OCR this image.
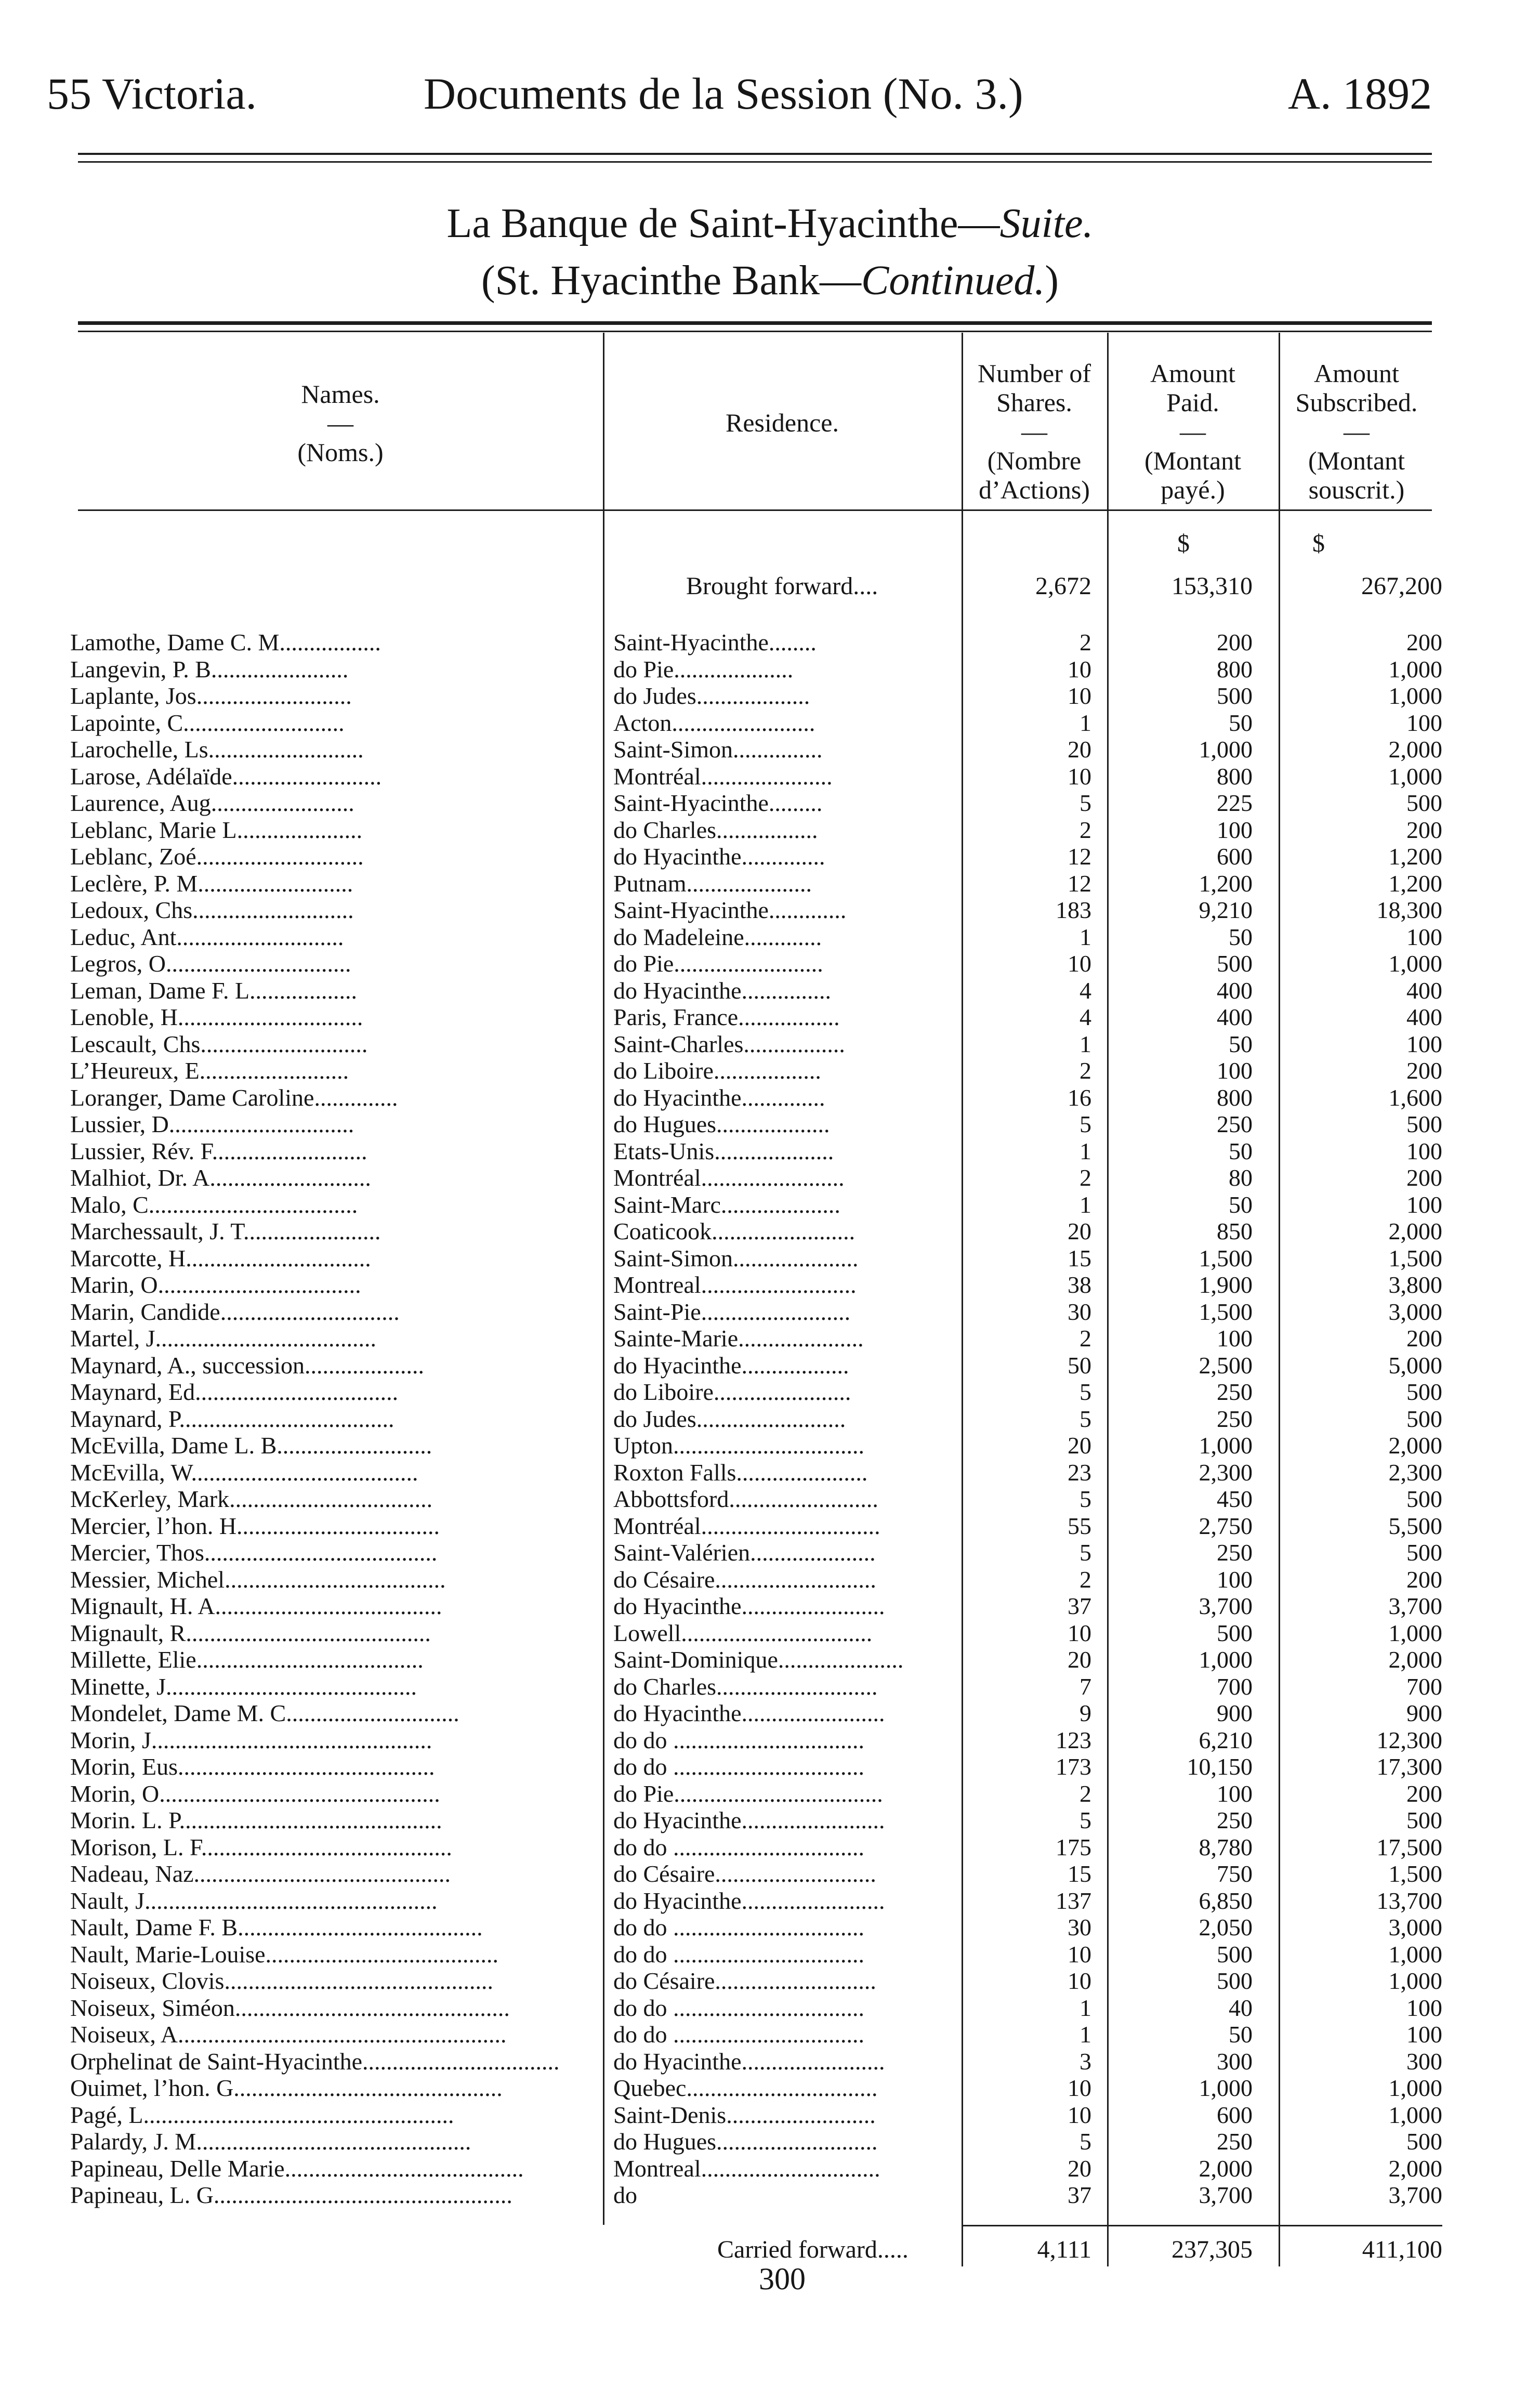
55 Victoria.	Documents de la Session (No. 3.)	A. 1892
La Banque de Saint-Hyacinthe—Suite.
(St. Hyacinthe Bank—Continued.)
Names.
—
(Noms.)
Residence.
Number of
Shares.
—
(Nombre
d’Actions)
Amount
Paid.
—
(Montant
payé.)
Amount
Subscribed.
—
(Montant
souscrit.)
$	$
Brought forward....	2,672	153,310	267,200
Lamothe, Dame C. M.................	Saint-Hyacinthe........	2	200	200
Langevin, P. B.......................	do Pie....................	10	800	1,000
Laplante, Jos..........................	do Judes...................	10	500	1,000
Lapointe, C...........................	Acton........................	1	50	100
Larochelle, Ls..........................	Saint-Simon...............	20	1,000	2,000
Larose, Adélaïde.........................	Montréal......................	10	800	1,000
Laurence, Aug........................	Saint-Hyacinthe.........	5	225	500
Leblanc, Marie L.....................	do Charles.................	2	100	200
Leblanc, Zoé............................	do Hyacinthe..............	12	600	1,200
Leclère, P. M..........................	Putnam.....................	12	1,200	1,200
Ledoux, Chs...........................	Saint-Hyacinthe.............	183	9,210	18,300
Leduc, Ant............................	do Madeleine.............	1	50	100
Legros, O...............................	do Pie.........................	10	500	1,000
Leman, Dame F. L..................	do Hyacinthe...............	4	400	400
Lenoble, H...............................	Paris, France.................	4	400	400
Lescault, Chs............................	Saint-Charles.................	1	50	100
L’Heureux, E.........................	do Liboire..................	2	100	200
Loranger, Dame Caroline..............	do Hyacinthe..............	16	800	1,600
Lussier, D...............................	do Hugues...................	5	250	500
Lussier, Rév. F..........................	Etats-Unis....................	1	50	100
Malhiot, Dr. A...........................	Montréal........................	2	80	200
Malo, C...................................	Saint-Marc....................	1	50	100
Marchessault, J. T.......................	Coaticook........................	20	850	2,000
Marcotte, H...............................	Saint-Simon.....................	15	1,500	1,500
Marin, O..................................	Montreal..........................	38	1,900	3,800
Marin, Candide..............................	Saint-Pie.........................	30	1,500	3,000
Martel, J.....................................	Sainte-Marie.....................	2	100	200
Maynard, A., succession....................	do Hyacinthe..................	50	2,500	5,000
Maynard, Ed..................................	do Liboire.......................	5	250	500
Maynard, P....................................	do Judes.........................	5	250	500
McEvilla, Dame L. B..........................	Upton................................	20	1,000	2,000
McEvilla, W......................................	Roxton Falls......................	23	2,300	2,300
McKerley, Mark..................................	Abbottsford.........................	5	450	500
Mercier, l’hon. H..................................	Montréal..............................	55	2,750	5,500
Mercier, Thos.......................................	Saint-Valérien.....................	5	250	500
Messier, Michel.....................................	do Césaire...........................	2	100	200
Mignault, H. A......................................	do Hyacinthe........................	37	3,700	3,700
Mignault, R.........................................	Lowell................................	10	500	1,000
Millette, Elie......................................	Saint-Dominique.....................	20	1,000	2,000
Minette, J..........................................	do Charles...........................	7	700	700
Mondelet, Dame M. C.............................	do Hyacinthe........................	9	900	900
Morin, J...............................................	do do ................................	123	6,210	12,300
Morin, Eus...........................................	do do ................................	173	10,150	17,300
Morin, O...............................................	do Pie...................................	2	100	200
Morin. L. P............................................	do Hyacinthe........................	5	250	500
Morison, L. F..........................................	do do ................................	175	8,780	17,500
Nadeau, Naz...........................................	do Césaire...........................	15	750	1,500
Nault, J.................................................	do Hyacinthe........................	137	6,850	13,700
Nault, Dame F. B.........................................	do do ................................	30	2,050	3,000
Nault, Marie-Louise.......................................	do do ................................	10	500	1,000
Noiseux, Clovis.............................................	do Césaire...........................	10	500	1,000
Noiseux, Siméon..............................................	do do ................................	1	40	100
Noiseux, A.......................................................	do do ................................	1	50	100
Orphelinat de Saint-Hyacinthe.................................	do Hyacinthe........................	3	300	300
Ouimet, l’hon. G.............................................	Quebec................................	10	1,000	1,000
Pagé, L....................................................	Saint-Denis.........................	10	600	1,000
Palardy, J. M..............................................	do Hugues...........................	5	250	500
Papineau, Delle Marie........................................	Montreal..............................	20	2,000	2,000
Papineau, L. G..................................................	do	37	3,700	3,700
Carried forward.....	4,111	237,305	411,100
300
